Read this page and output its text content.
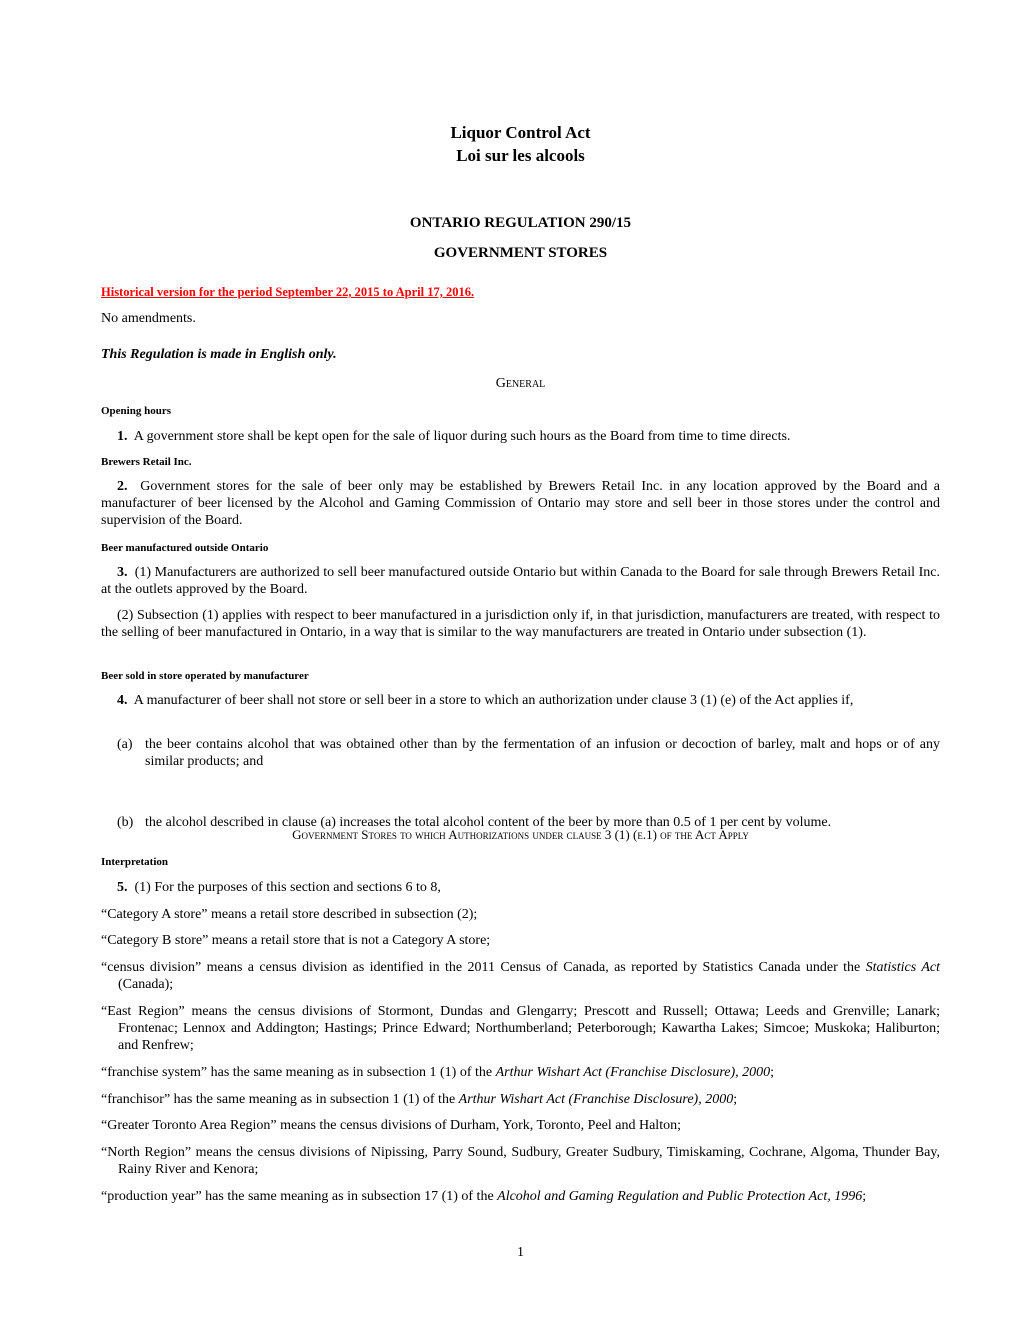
Liquor Control Act
Loi sur les alcools
ONTARIO REGULATION 290/15
GOVERNMENT STORES
Historical version for the period September 22, 2015 to April 17, 2016.
No amendments.
This Regulation is made in English only.
General
Opening hours
1. A government store shall be kept open for the sale of liquor during such hours as the Board from time to time directs.
Brewers Retail Inc.
2. Government stores for the sale of beer only may be established by Brewers Retail Inc. in any location approved by the Board and a manufacturer of beer licensed by the Alcohol and Gaming Commission of Ontario may store and sell beer in those stores under the control and supervision of the Board.
Beer manufactured outside Ontario
3. (1) Manufacturers are authorized to sell beer manufactured outside Ontario but within Canada to the Board for sale through Brewers Retail Inc. at the outlets approved by the Board.
(2) Subsection (1) applies with respect to beer manufactured in a jurisdiction only if, in that jurisdiction, manufacturers are treated, with respect to the selling of beer manufactured in Ontario, in a way that is similar to the way manufacturers are treated in Ontario under subsection (1).
Beer sold in store operated by manufacturer
4. A manufacturer of beer shall not store or sell beer in a store to which an authorization under clause 3 (1) (e) of the Act applies if,
(a) the beer contains alcohol that was obtained other than by the fermentation of an infusion or decoction of barley, malt and hops or of any similar products; and
(b) the alcohol described in clause (a) increases the total alcohol content of the beer by more than 0.5 of 1 per cent by volume.
Government Stores to which Authorizations under clause 3 (1) (e.1) of the Act Apply
Interpretation
5. (1) For the purposes of this section and sections 6 to 8,
“Category A store” means a retail store described in subsection (2);
“Category B store” means a retail store that is not a Category A store;
“census division” means a census division as identified in the 2011 Census of Canada, as reported by Statistics Canada under the Statistics Act (Canada);
“East Region” means the census divisions of Stormont, Dundas and Glengarry; Prescott and Russell; Ottawa; Leeds and Grenville; Lanark; Frontenac; Lennox and Addington; Hastings; Prince Edward; Northumberland; Peterborough; Kawartha Lakes; Simcoe; Muskoka; Haliburton; and Renfrew;
“franchise system” has the same meaning as in subsection 1 (1) of the Arthur Wishart Act (Franchise Disclosure), 2000;
“franchisor” has the same meaning as in subsection 1 (1) of the Arthur Wishart Act (Franchise Disclosure), 2000;
“Greater Toronto Area Region” means the census divisions of Durham, York, Toronto, Peel and Halton;
“North Region” means the census divisions of Nipissing, Parry Sound, Sudbury, Greater Sudbury, Timiskaming, Cochrane, Algoma, Thunder Bay, Rainy River and Kenora;
“production year” has the same meaning as in subsection 17 (1) of the Alcohol and Gaming Regulation and Public Protection Act, 1996;
1
